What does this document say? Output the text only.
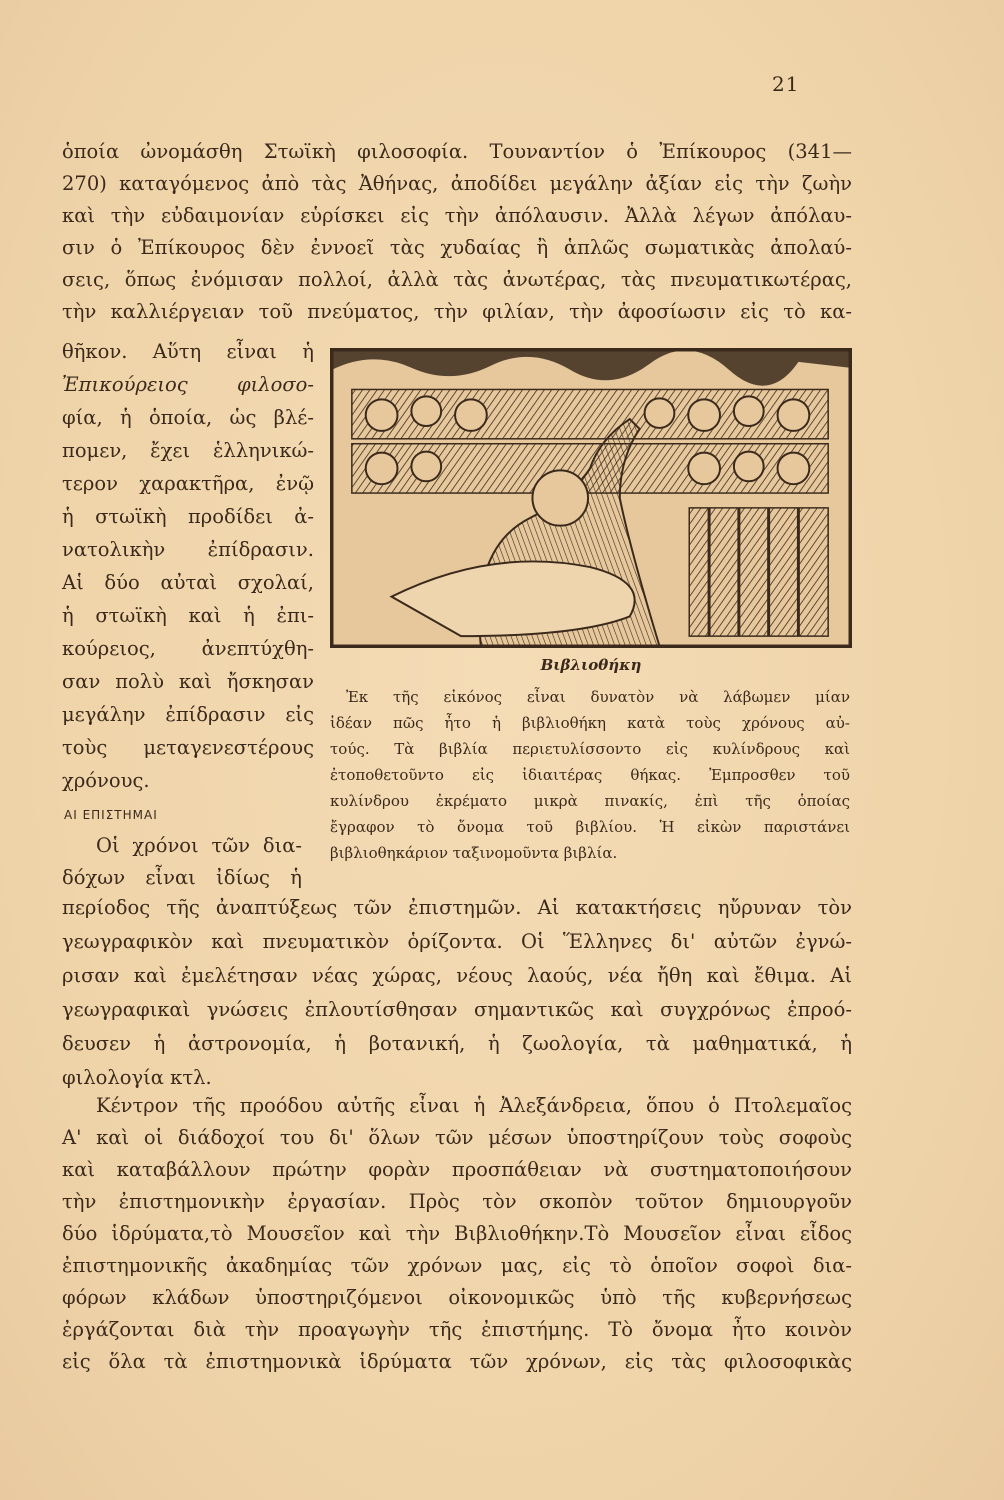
21
ὁποία ὠνομάσθη Στωϊκὴ φιλοσοφία. Τουναντίον ὁ Ἐπίκουρος (341—
270) καταγόμενος ἀπὸ τὰς Ἀθήνας, ἀποδίδει μεγάλην ἀξίαν εἰς τὴν ζωὴν
καὶ τὴν εὐδαιμονίαν εὑρίσκει εἰς τὴν ἀπόλαυσιν. Ἀλλὰ λέγων ἀπόλαυ-
σιν ὁ Ἐπίκουρος δὲν ἐννοεῖ τὰς χυδαίας ἢ ἁπλῶς σωματικὰς ἀπολαύ-
σεις, ὅπως ἐνόμισαν πολλοί, ἀλλὰ τὰς ἀνωτέρας, τὰς πνευματικωτέρας,
τὴν καλλιέργειαν τοῦ πνεύματος, τὴν φιλίαν, τὴν ἀφοσίωσιν εἰς τὸ κα-
θῆκον. Αὕτη εἶναι ἡ
Ἐπικούρειος φιλοσο-
φία, ἡ ὁποία, ὡς βλέ-
πομεν, ἔχει ἑλληνικώ-
τερον χαρακτῆρα, ἐνῷ
ἡ στωϊκὴ προδίδει ἀ-
νατολικὴν ἐπίδρασιν.
Αἱ δύο αὐταὶ σχολαί,
ἡ στωϊκὴ καὶ ἡ ἐπι-
κούρειος, ἀνεπτύχθη-
σαν πολὺ καὶ ἤσκησαν
μεγάλην ἐπίδρασιν εἰς
τοὺς μεταγενεστέρους
χρόνους.
ΑΙ ΕΠΙΣΤΗΜΑΙ
Οἱ χρόνοι τῶν δια-
δόχων εἶναι ἰδίως ἡ
Βιβλιοθήκη
Ἐκ τῆς εἰκόνος εἶναι δυνατὸν νὰ λάβωμεν μίαν
ἰδέαν πῶς ἦτο ἡ βιβλιοθήκη κατὰ τοὺς χρόνους αὐ-
τούς. Τὰ βιβλία περιετυλίσσοντο εἰς κυλίνδρους καὶ
ἐτοποθετοῦντο εἰς ἰδιαιτέρας θήκας. Ἐμπροσθεν τοῦ
κυλίνδρου ἐκρέματο μικρὰ πινακίς, ἐπὶ τῆς ὁποίας
ἔγραφον τὸ ὄνομα τοῦ βιβλίου. Ἡ εἰκὼν παριστάνει
βιβλιοθηκάριον ταξινομοῦντα βιβλία.
περίοδος τῆς ἀναπτύξεως τῶν ἐπιστημῶν. Αἱ κατακτήσεις ηὔρυναν τὸν
γεωγραφικὸν καὶ πνευματικὸν ὁρίζοντα. Οἱ Ἕλληνες δι' αὐτῶν ἐγνώ-
ρισαν καὶ ἐμελέτησαν νέας χώρας, νέους λαούς, νέα ἤθη καὶ ἔθιμα. Αἱ
γεωγραφικαὶ γνώσεις ἐπλουτίσθησαν σημαντικῶς καὶ συγχρόνως ἐπροό-
δευσεν ἡ ἀστρονομία, ἡ βοτανική, ἡ ζωολογία, τὰ μαθηματικά, ἡ
φιλολογία κτλ.
Κέντρον τῆς προόδου αὐτῆς εἶναι ἡ Ἀλεξάνδρεια, ὅπου ὁ Πτολεμαῖος
Α' καὶ οἱ διάδοχοί του δι' ὅλων τῶν μέσων ὑποστηρίζουν τοὺς σοφοὺς
καὶ καταβάλλουν πρώτην φορὰν προσπάθειαν νὰ συστηματοποιήσουν
τὴν ἐπιστημονικὴν ἐργασίαν. Πρὸς τὸν σκοπὸν τοῦτον δημιουργοῦν
δύο ἱδρύματα,τὸ Μουσεῖον καὶ τὴν Βιβλιοθήκην.Τὸ Μουσεῖον εἶναι εἶδος
ἐπιστημονικῆς ἀκαδημίας τῶν χρόνων μας, εἰς τὸ ὁποῖον σοφοὶ δια-
φόρων κλάδων ὑποστηριζόμενοι οἰκονομικῶς ὑπὸ τῆς κυβερνήσεως
ἐργάζονται διὰ τὴν προαγωγὴν τῆς ἐπιστήμης. Τὸ ὄνομα ἦτο κοινὸν
εἰς ὅλα τὰ ἐπιστημονικὰ ἱδρύματα τῶν χρόνων, εἰς τὰς φιλοσοφικὰς
